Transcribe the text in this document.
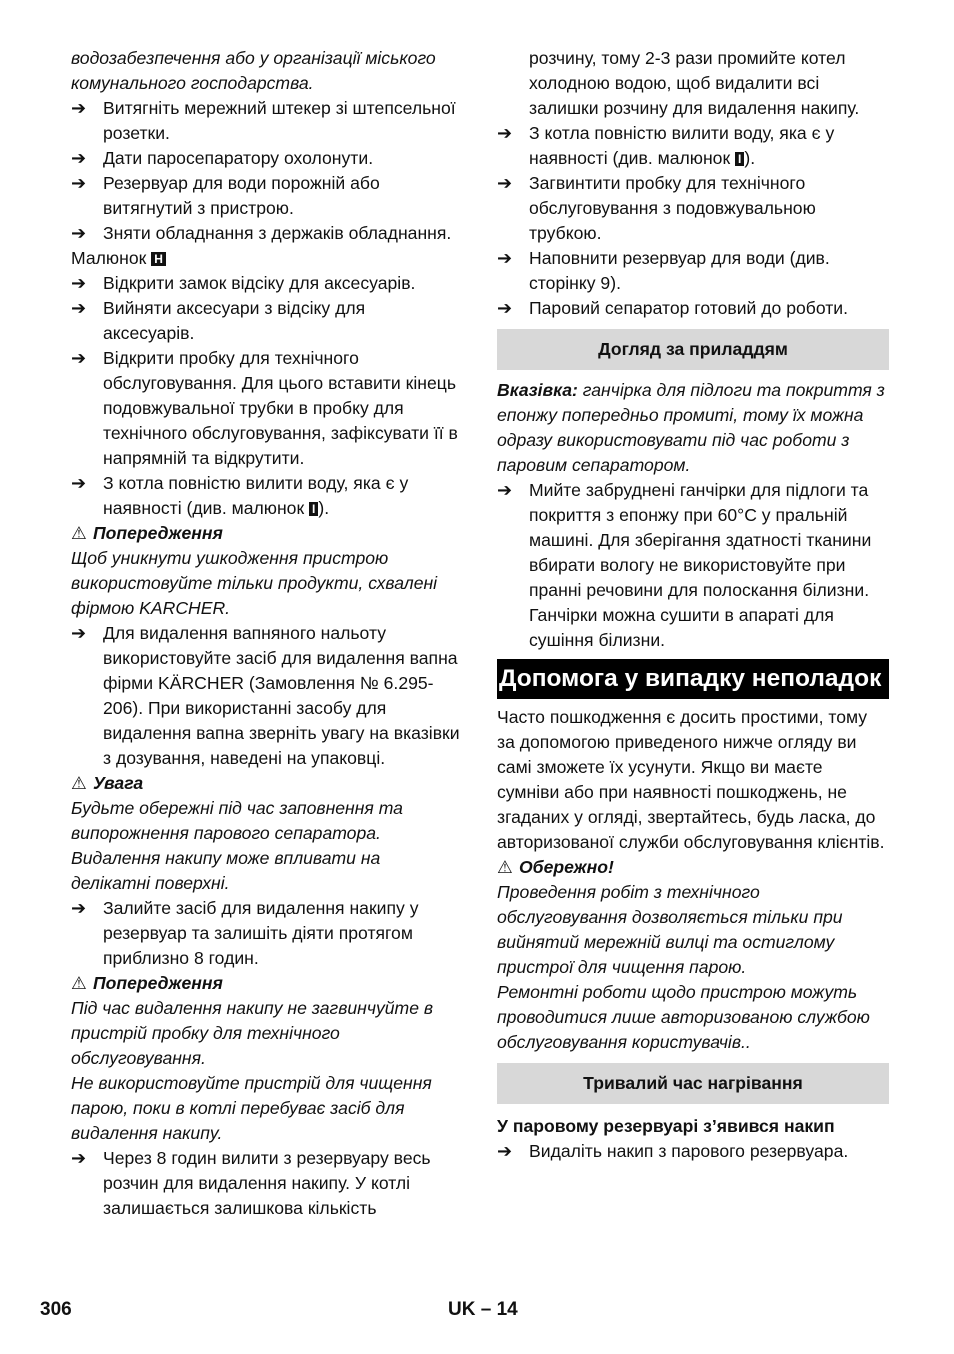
водозабезпечення або у організації міського комунального господарства.

➔ Витягніть мережний штекер зі штепсельної розетки.

➔ Дати паросепаратору охолонути.

➔ Резервуар для води порожній або витягнутий з пристрою.

➔ Зняти обладнання з держаків обладнання.

Малюнок H

➔ Відкрити замок відсіку для аксесуарів.

➔ Вийняти аксесуари з відсіку для аксесуарів.

➔ Відкрити пробку для технічного обслуговування. Для цього вставити кінець подовжувальної трубки в пробку для технічного обслуговування, зафіксувати її в напрямній та відкрутити.

➔ З котла повністю вилити воду, яка є у наявності (див. малюнок I ).

⚠ Попередження

Щоб уникнути ушкодження пристрою використовуйте тільки продукти, схвалені фірмою KARCHER.

➔ Для видалення вапняного нальоту використовуйте засіб для видалення вапна фірми KÄRCHER (Замовлення № 6.295-206). При використанні засобу для видалення вапна зверніть увагу на вказівки з дозування, наведені на упаковці.

⚠ Увага

Будьте обережні під час заповнення та випорожнення парового сепаратора. Видалення накипу може впливати на делікатні поверхні.

➔ Залийте засіб для видалення накипу у резервуар та залишіть діяти протягом приблизно 8 годин.

⚠ Попередження

Під час видалення накипу не загвинчуйте в пристрій пробку для технічного обслуговування.

Не використовуйте пристрій для чищення парою, поки в котлі перебуває засіб для видалення накипу.

➔ Через 8 годин вилити з резервуару весь розчин для видалення накипу. У котлі залишається залишкова кількість

розчину, тому 2-3 рази промийте котел холодною водою, щоб видалити всі залишки розчину для видалення накипу.

➔ З котла повністю вилити воду, яка є у наявності (див. малюнок I ).

➔ Загвинтити пробку для технічного обслуговування з подовжувальною трубкою.

➔ Наповнити резервуар для води (див. сторінку 9).

➔ Паровий сепаратор готовий до роботи.

Догляд за приладдям

Вказівка: ганчірка для підлоги та покриття з епонжу попередньо промиті, тому їх можна одразу використовувати під час роботи з паровим сепаратором.

➔ Мийте забруднені ганчірки для підлоги та покриття з епонжу при 60°C у пральній машині. Для зберігання здатності тканини вбирати вологу не використовуйте при пранні речовини для полоскання білизни. Ганчірки можна сушити в апараті для сушіння білизни.

Допомога у випадку неполадок

Часто пошкодження є досить простими, тому за допомогою приведеного нижче огляду ви самі зможете їх усунути. Якщо ви маєте сумніви або при наявності пошкоджень, не згаданих у огляді, звертайтесь, будь ласка, до авторизованої служби обслуговування клієнтів.

⚠ Обережно!

Проведення робіт з технічного обслуговування дозволяється тільки при вийнятий мережній вилці та остиглому пристрої для чищення парою.

Ремонтні роботи щодо пристрою можуть проводитися лише авторизованою службою обслуговування користувачів..

Тривалий час нагрівання

У паровому резервуарі з’явився накип

➔ Видаліть накип з парового резервуара.

306	UK – 14
